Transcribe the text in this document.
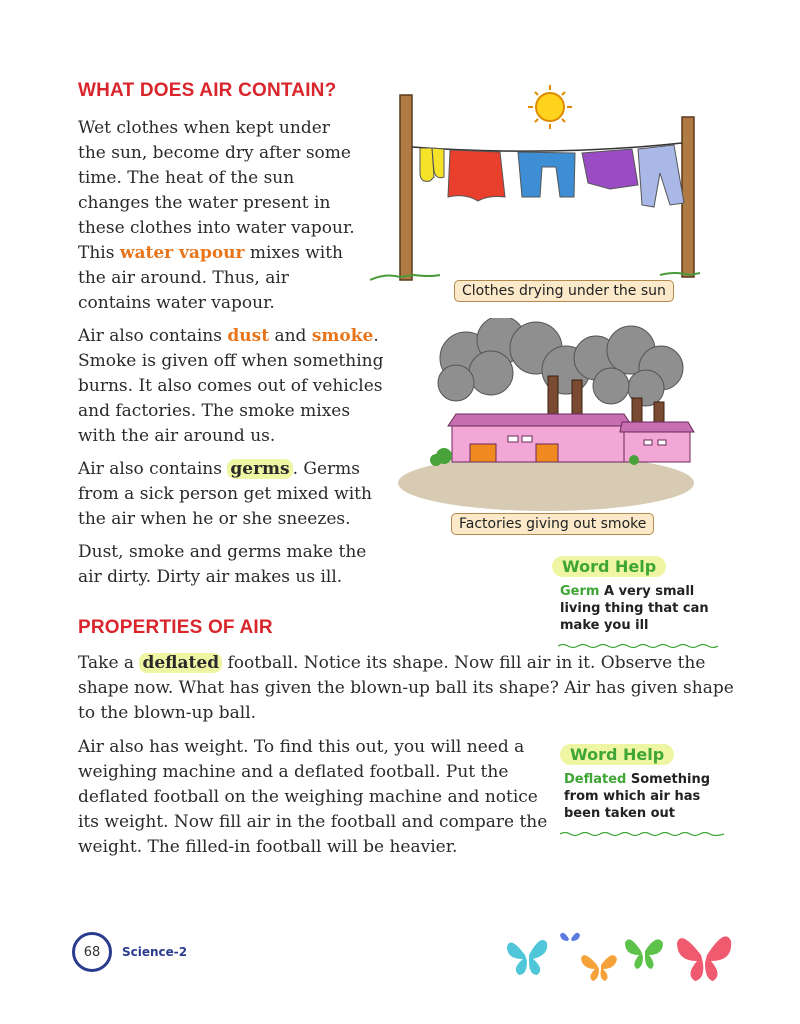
WHAT DOES AIR CONTAIN?

Wet clothes when kept under
the sun, become dry after some
time. The heat of the sun
changes the water present in
these clothes into water vapour.
This water vapour mixes with
the air around. Thus, air
contains water vapour.

Air also contains dust and smoke.
Smoke is given off when something
burns. It also comes out of vehicles
and factories. The smoke mixes
with the air around us.

Air also contains germs . Germs
from a sick person get mixed with
the air when he or she sneezes.

Dust, smoke and germs make the
air dirty. Dirty air makes us ill.

Clothes drying under the sun
Factories giving out smoke
Word Help
Germ A very small
living thing that can
make you ill
PROPERTIES OF AIR

Take a deflated football. Notice its shape. Now fill air in it. Observe the
shape now. What has given the blown-up ball its shape? Air has given shape
to the blown-up ball.

Air also has weight. To find this out, you will need a
weighing machine and a deflated football. Put the
deflated football on the weighing machine and notice
its weight. Now fill air in the football and compare the
weight. The filled-in football will be heavier.

Word Help
Deflated Something
from which air has
been taken out
68	Science-2
